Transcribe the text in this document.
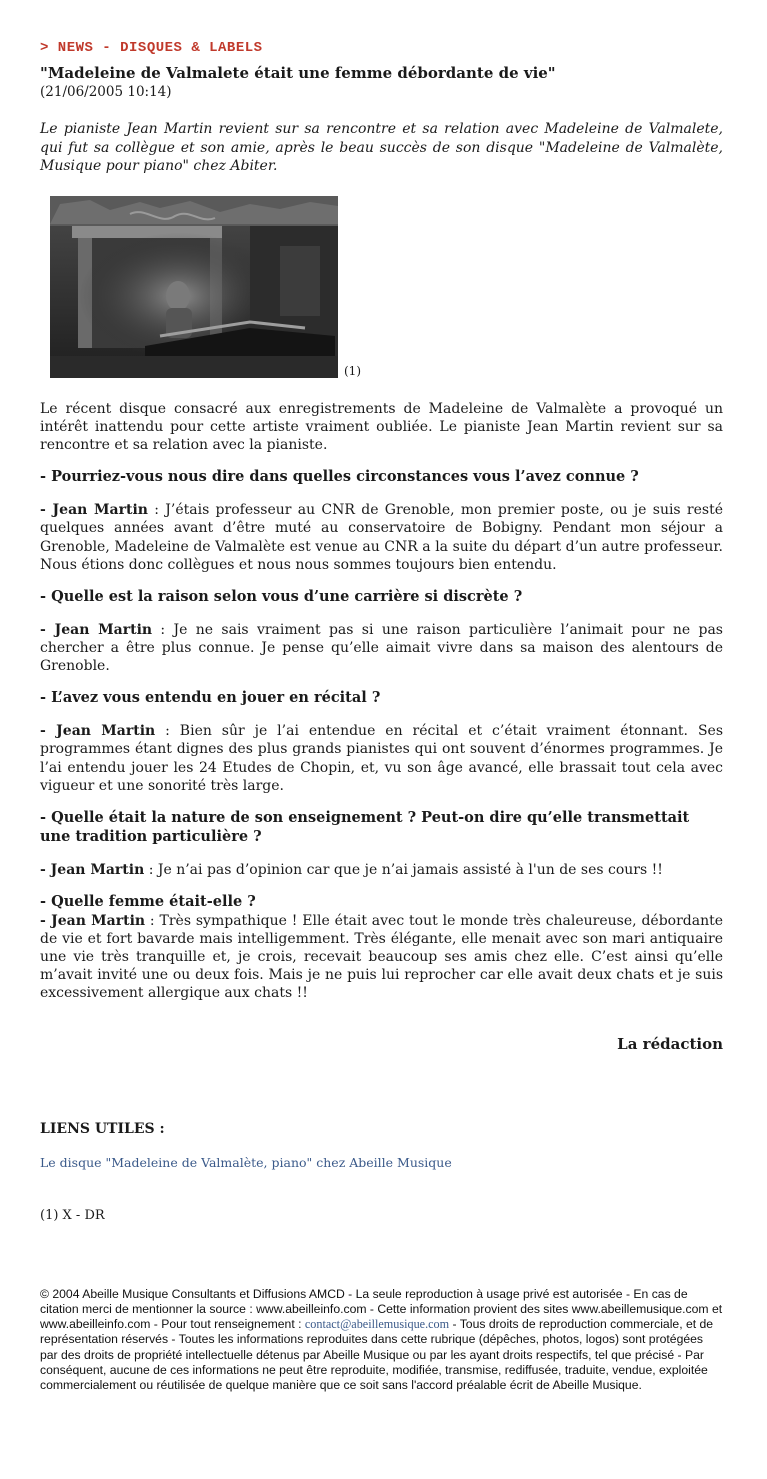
> NEWS - DISQUES & LABELS
"Madeleine de Valmalete était une femme débordante de vie"
(21/06/2005 10:14)

Le pianiste Jean Martin revient sur sa rencontre et sa relation avec Madeleine de Valmalete, qui fut sa collègue et son amie, après le beau succès de son disque "Madeleine de Valmalète, Musique pour piano" chez Abiter.

(1)

Le récent disque consacré aux enregistrements de Madeleine de Valmalète a provoqué un intérêt inattendu pour cette artiste vraiment oubliée. Le pianiste Jean Martin revient sur sa rencontre et sa relation avec la pianiste.

- Pourriez-vous nous dire dans quelles circonstances vous l’avez connue ?

- Jean Martin : J’étais professeur au CNR de Grenoble, mon premier poste, ou je suis resté quelques années avant d’être muté au conservatoire de Bobigny. Pendant mon séjour a Grenoble, Madeleine de Valmalète est venue au CNR a la suite du départ d’un autre professeur. Nous étions donc collègues et nous nous sommes toujours bien entendu.

- Quelle est la raison selon vous d’une carrière si discrète ?

- Jean Martin : Je ne sais vraiment pas si une raison particulière l’animait pour ne pas chercher a être plus connue. Je pense qu’elle aimait vivre dans sa maison des alentours de Grenoble.

- L’avez vous entendu en jouer en récital ?

- Jean Martin : Bien sûr je l’ai entendue en récital et c’était vraiment étonnant. Ses programmes étant dignes des plus grands pianistes qui ont souvent d’énormes programmes. Je l’ai entendu jouer les 24 Etudes de Chopin, et, vu son âge avancé, elle brassait tout cela avec vigueur et une sonorité très large.

- Quelle était la nature de son enseignement ? Peut-on dire qu’elle transmettait une tradition particulière ?

- Jean Martin : Je n’ai pas d’opinion car que je n’ai jamais assisté à l'un de ses cours !!

- Quelle femme était-elle ?

- Jean Martin : Très sympathique ! Elle était avec tout le monde très chaleureuse, débordante de vie et fort bavarde mais intelligemment. Très élégante, elle menait avec son mari antiquaire une vie très tranquille et, je crois, recevait beaucoup ses amis chez elle. C’est ainsi qu’elle m’avait invité une ou deux fois. Mais je ne puis lui reprocher car elle avait deux chats et je suis excessivement allergique aux chats !!

La rédaction
LIENS UTILES :
Le disque "Madeleine de Valmalète, piano" chez Abeille Musique
(1) X - DR
© 2004 Abeille Musique Consultants et Diffusions AMCD - La seule reproduction à usage privé est autorisée - En cas de citation merci de mentionner la source : www.abeilleinfo.com - Cette information provient des sites www.abeillemusique.com et www.abeilleinfo.com - Pour tout renseignement : contact@abeillemusique.com - Tous droits de reproduction commerciale, et de représentation réservés - Toutes les informations reproduites dans cette rubrique (dépêches, photos, logos) sont protégées par des droits de propriété intellectuelle détenus par Abeille Musique ou par les ayant droits respectifs, tel que précisé - Par conséquent, aucune de ces informations ne peut être reproduite, modifiée, transmise, rediffusée, traduite, vendue, exploitée commercialement ou réutilisée de quelque manière que ce soit sans l'accord préalable écrit de Abeille Musique.
